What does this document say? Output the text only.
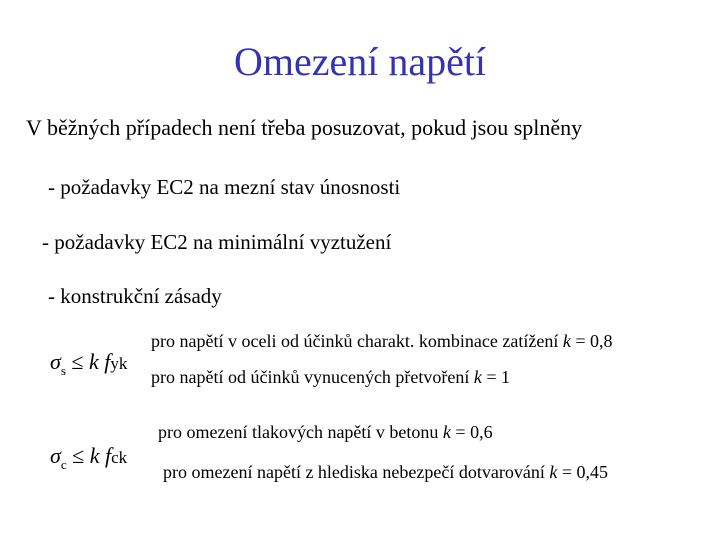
Omezení napětí
V běžných případech není třeba posuzovat, pokud jsou splněny
- požadavky EC2 na mezní stav únosnosti
- požadavky EC2 na minimální vyztužení
- konstrukční zásady
$\sigma_s \le k$ fyk
$\sigma_c \le k$ fck
pro napětí v oceli od účinků charakt. kombinace zatížení k = 0,8
pro napětí od účinků vynucených přetvoření k = 1
pro omezení tlakových napětí v betonu k = 0,6
pro omezení napětí z hlediska nebezpečí dotvarování k = 0,45
